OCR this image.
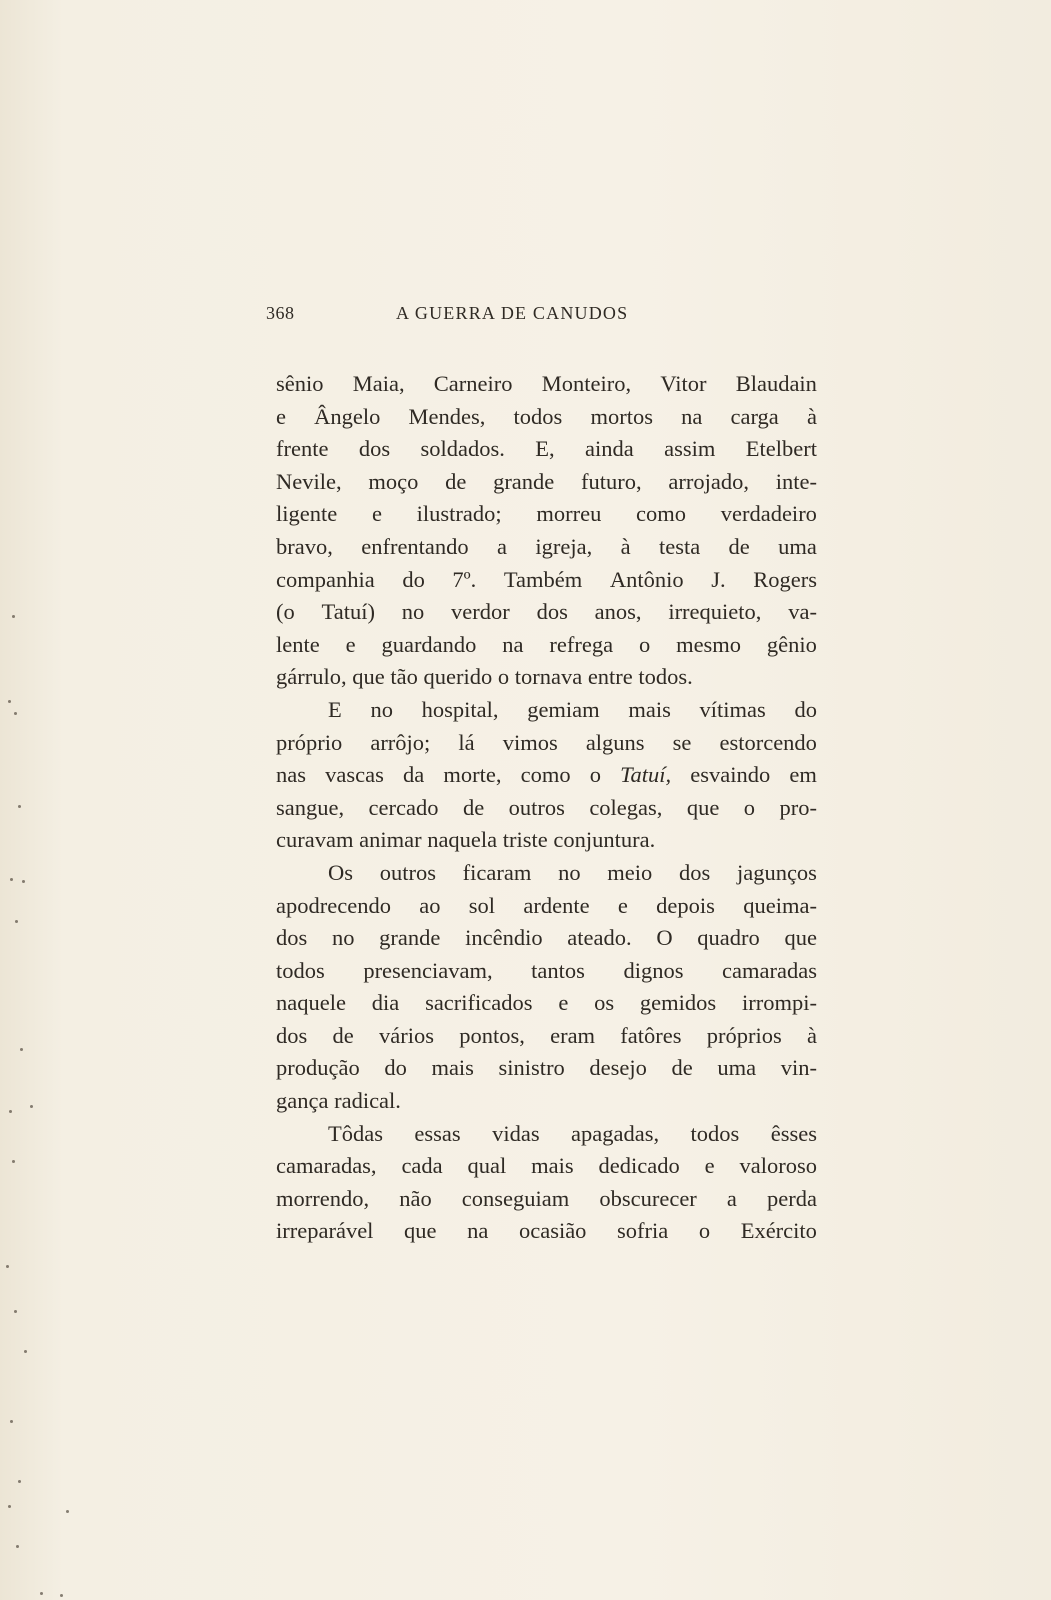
368	A GUERRA DE CANUDOS
sênio Maia, Carneiro Monteiro, Vitor Blaudain
e Ângelo Mendes, todos mortos na carga à
frente dos soldados. E, ainda assim Etelbert
Nevile, moço de grande futuro, arrojado, inte-
ligente e ilustrado; morreu como verdadeiro
bravo, enfrentando a igreja, à testa de uma
companhia do 7º. Também Antônio J. Rogers
(o Tatuí) no verdor dos anos, irrequieto, va-
lente e guardando na refrega o mesmo gênio
gárrulo,
que
tão
querido
o
tornava
entre
todos.
E no hospital, gemiam mais vítimas do
próprio arrôjo; lá vimos alguns se estorcendo
nas vascas da morte, como o Tatuí, esvaindo em
sangue, cercado de outros colegas, que o pro-
curavam
animar
naquela
triste
conjuntura.
Os outros ficaram no meio dos jagunços
apodrecendo ao sol ardente e depois queima-
dos no grande incêndio ateado. O quadro que
todos presenciavam, tantos dignos camaradas
naquele dia sacrificados e os gemidos irrompi-
dos de vários pontos, eram fatôres próprios à
produção do mais sinistro desejo de uma vin-
gança
radical.
Tôdas essas vidas apagadas, todos êsses
camaradas, cada qual mais dedicado e valoroso
morrendo, não conseguiam obscurecer a perda
irreparável que na ocasião sofria o Exército
